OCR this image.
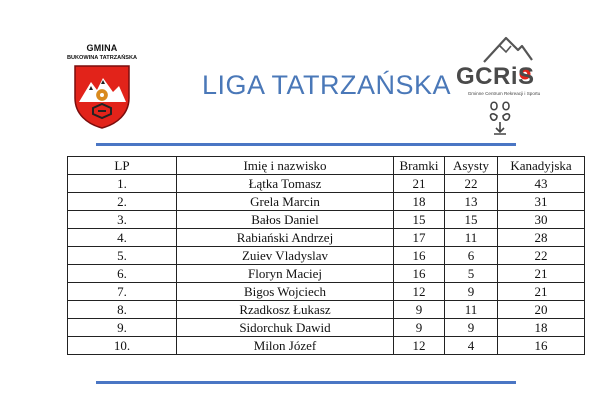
GMINA
BUKOWINA TATRZAŃSKA
LIGA TATRZAŃSKA GCRiS
Gminne Centrum Rekreacji i Sportu
LP	Imię i nazwisko	Bramki	Asysty	Kanadyjska
1.	Łątka Tomasz	21	22	43
2.	Grela Marcin	18	13	31
3.	Bałos Daniel	15	15	30
4.	Rabiański Andrzej	17	11	28
5.	Zuiev Vladyslav	16	6	22
6.	Floryn Maciej	16	5	21
7.	Bigos Wojciech	12	9	21
8.	Rzadkosz Łukasz	9	11	20
9.	Sidorchuk Dawid	9	9	18
10.	Milon Józef	12	4	16
